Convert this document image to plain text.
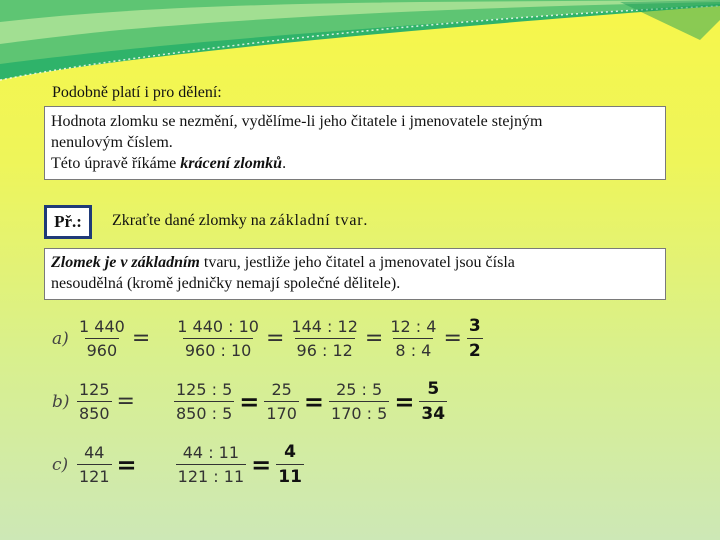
Podobně platí i pro dělení:

Hodnota zlomku se nezmění, vydělíme-li jeho čitatele i jmenovatele stejným

nenulovým číslem.

Této úpravě říkáme krácení zlomků.

Př.:	Zkraťte dané zlomky na základní tvar.

Zlomek je v základním tvaru, jestliže jeho čitatel a jmenovatel jsou čísla

nesoudělná (kromě jedničky nemají společné dělitele).

$a) \frac{1 440}{960} = \frac{1 440 : 10}{960 : 10} = \frac{144 : 12}{96 : 12} = \frac{12 : 4}{8 : 4} = \frac{3}{2}$
$b) \frac{125}{850} = \frac{125 : 5}{850 : 5} = \frac{25}{170} = \frac{25 : 5}{170 : 5} = \frac{5}{34}$
$c) \frac{44}{121} = \frac{44 : 11}{121 : 11} = \frac{4}{11}$
